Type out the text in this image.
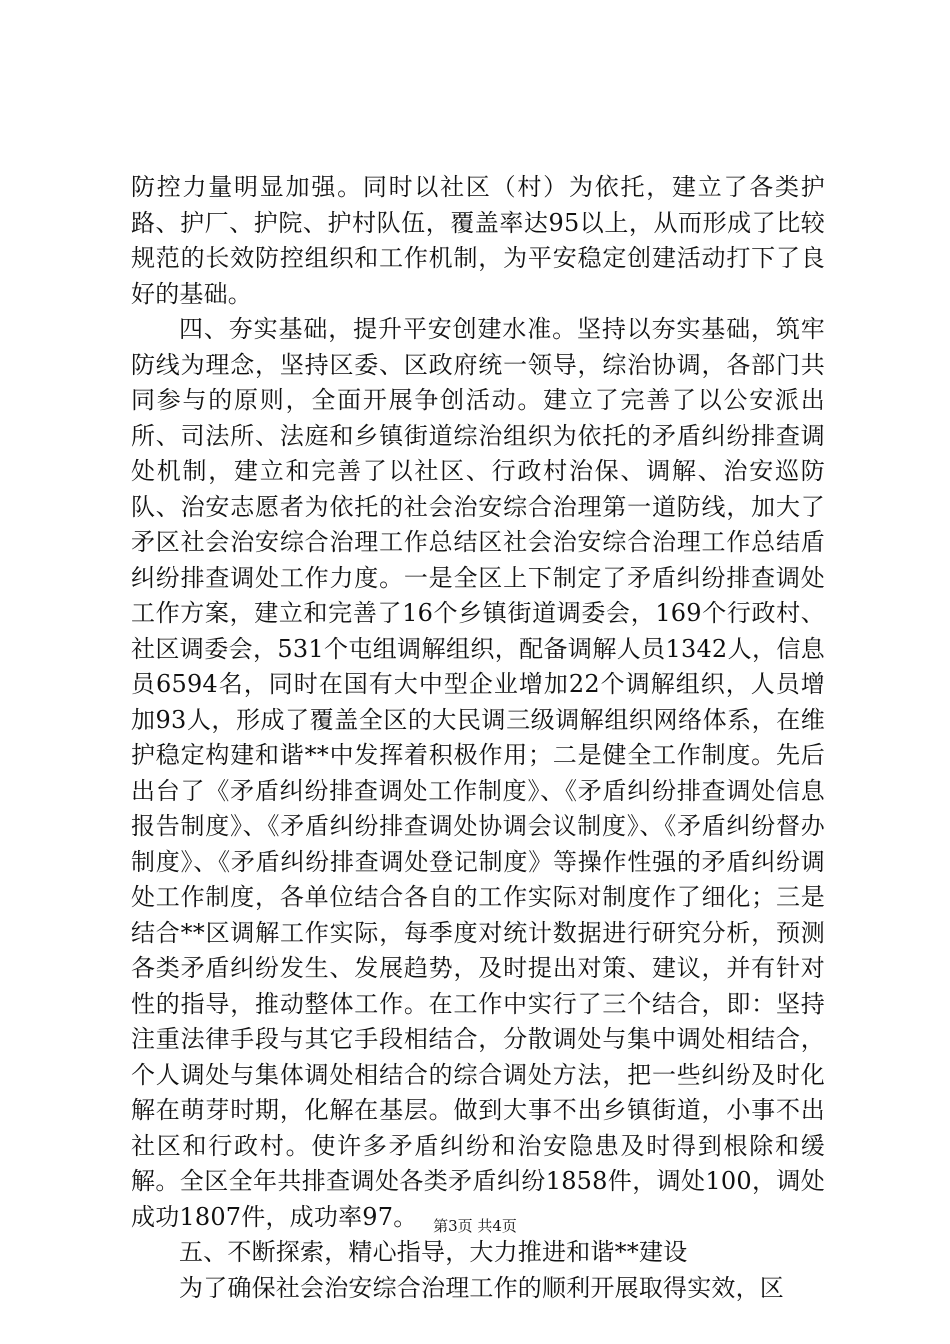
防控力量明显加强。同时以社区（村）为依托，建立了各类护路、护厂、护院、护村队伍，覆盖率达95以上，从而形成了比较规范的长效防控组织和工作机制，为平安稳定创建活动打下了良好的基础。

四、夯实基础，提升平安创建水准。坚持以夯实基础，筑牢防线为理念，坚持区委、区政府统一领导，综治协调，各部门共同参与的原则，全面开展争创活动。建立了完善了以公安派出所、司法所、法庭和乡镇街道综治组织为依托的矛盾纠纷排查调处机制，建立和完善了以社区、行政村治保、调解、治安巡防队、治安志愿者为依托的社会治安综合治理第一道防线，加大了矛区社会治安综合治理工作总结区社会治安综合治理工作总结盾纠纷排查调处工作力度。一是全区上下制定了矛盾纠纷排查调处工作方案，建立和完善了16个乡镇街道调委会，169个行政村、社区调委会，531个屯组调解组织，配备调解人员1342人，信息员6594名，同时在国有大中型企业增加22个调解组织，人员增加93人，形成了覆盖全区的大民调三级调解组织网络体系，在维护稳定构建和谐**中发挥着积极作用；二是健全工作制度。先后出台了《矛盾纠纷排查调处工作制度》、《矛盾纠纷排查调处信息报告制度》、《矛盾纠纷排查调处协调会议制度》、《矛盾纠纷督办制度》、《矛盾纠纷排查调处登记制度》等操作性强的矛盾纠纷调处工作制度，各单位结合各自的工作实际对制度作了细化；三是结合**区调解工作实际，每季度对统计数据进行研究分析，预测各类矛盾纠纷发生、发展趋势，及时提出对策、建议，并有针对性的指导，推动整体工作。在工作中实行了三个结合，即：坚持注重法律手段与其它手段相结合，分散调处与集中调处相结合，个人调处与集体调处相结合的综合调处方法，把一些纠纷及时化解在萌芽时期，化解在基层。做到大事不出乡镇街道，小事不出社区和行政村。使许多矛盾纠纷和治安隐患及时得到根除和缓解。全区全年共排查调处各类矛盾纠纷1858件，调处100，调处成功1807件，成功率97。

五、不断探索，精心指导，大力推进和谐**建设

为了确保社会治安综合治理工作的顺利开展取得实效，区

第3页 共4页
